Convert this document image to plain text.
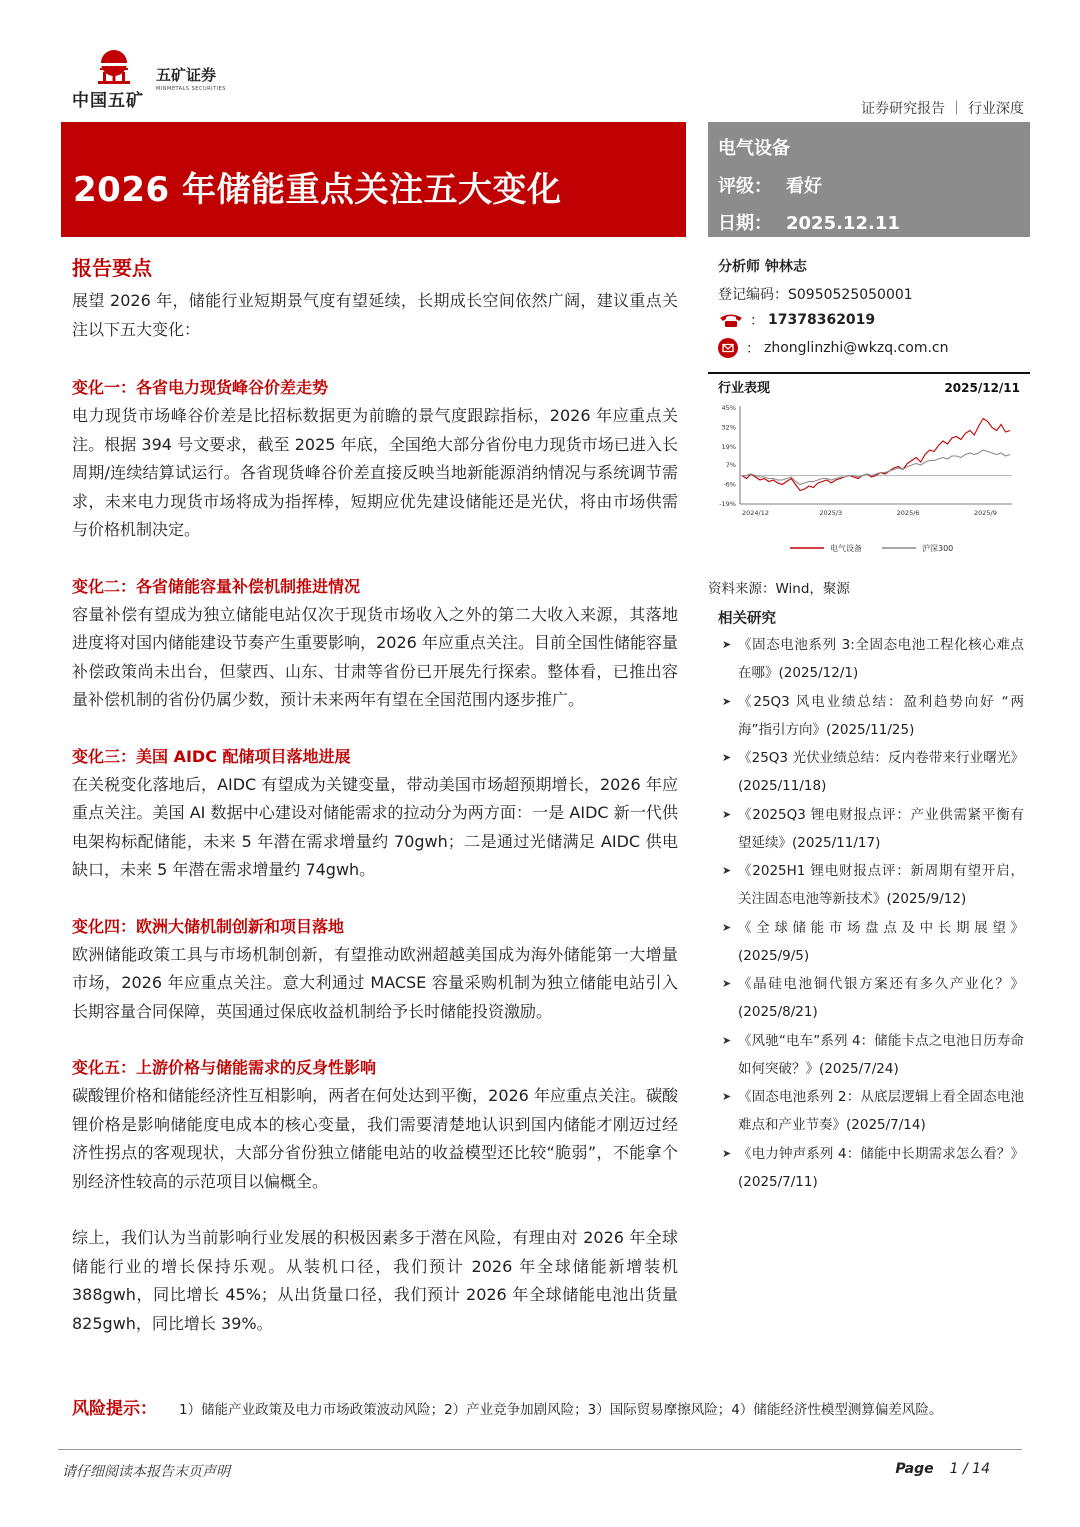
中国五矿
五矿证券
MINMETALS SECURITIES
证券研究报告 ｜ 行业深度
2026 年储能重点关注五大变化
电气设备
评级： 看好
日期： 2025.12.11
报告要点

展望 2026 年，储能行业短期景气度有望延续，长期成长空间依然广阔，建议重点关注以下五大变化：

变化一：各省电力现货峰谷价差走势

电力现货市场峰谷价差是比招标数据更为前瞻的景气度跟踪指标，2026 年应重点关注。根据 394 号文要求，截至 2025 年底，全国绝大部分省份电力现货市场已进入长周期/连续结算试运行。各省现货峰谷价差直接反映当地新能源消纳情况与系统调节需求，未来电力现货市场将成为指挥棒，短期应优先建设储能还是光伏，将由市场供需与价格机制决定。

变化二：各省储能容量补偿机制推进情况

容量补偿有望成为独立储能电站仅次于现货市场收入之外的第二大收入来源，其落地进度将对国内储能建设节奏产生重要影响，2026 年应重点关注。目前全国性储能容量补偿政策尚未出台，但蒙西、山东、甘肃等省份已开展先行探索。整体看，已推出容量补偿机制的省份仍属少数，预计未来两年有望在全国范围内逐步推广。

变化三：美国 AIDC 配储项目落地进展

在关税变化落地后，AIDC 有望成为关键变量，带动美国市场超预期增长，2026 年应重点关注。美国 AI 数据中心建设对储能需求的拉动分为两方面：一是 AIDC 新一代供电架构标配储能，未来 5 年潜在需求增量约 70gwh；二是通过光储满足 AIDC 供电缺口，未来 5 年潜在需求增量约 74gwh。

变化四：欧洲大储机制创新和项目落地

欧洲储能政策工具与市场机制创新，有望推动欧洲超越美国成为海外储能第一大增量市场，2026 年应重点关注。意大利通过 MACSE 容量采购机制为独立储能电站引入长期容量合同保障，英国通过保底收益机制给予长时储能投资激励。

变化五：上游价格与储能需求的反身性影响

碳酸锂价格和储能经济性互相影响，两者在何处达到平衡，2026 年应重点关注。碳酸锂价格是影响储能度电成本的核心变量，我们需要清楚地认识到国内储能才刚迈过经济性拐点的客观现状，大部分省份独立储能电站的收益模型还比较“脆弱”，不能拿个别经济性较高的示范项目以偏概全。

综上，我们认为当前影响行业发展的积极因素多于潜在风险，有理由对 2026 年全球储能行业的增长保持乐观。从装机口径，我们预计 2026 年全球储能新增装机 388gwh，同比增长 45%；从出货量口径，我们预计 2026 年全球储能电池出货量 825gwh，同比增长 39%。

风险提示： 1）储能产业政策及电力市场政策波动风险；2）产业竞争加剧风险；3）国际贸易摩擦风险；4）储能经济性模型测算偏差风险。
分析师 钟林志
登记编码：S0950525050001
： 17378362019
： zhonglinzhi@wkzq.com.cn
行业表现	2025/12/11
45%
32%
19%
7%
-6%
-19%
2024/12	2025/3	2025/6	2025/9
电气设备	沪深300
资料来源：Wind，聚源
相关研究
➤ 《固态电池系列 3:全固态电池工程化核心难点在哪》(2025/12/1)
➤ 《25Q3 风电业绩总结：盈利趋势向好 “两海”指引方向》(2025/11/25)
➤ 《25Q3 光伏业绩总结：反内卷带来行业曙光》(2025/11/18)
➤ 《2025Q3 锂电财报点评：产业供需紧平衡有望延续》(2025/11/17)
➤ 《2025H1 锂电财报点评：新周期有望开启，关注固态电池等新技术》(2025/9/12)
➤ 《全球储能市场盘点及中长期展望》(2025/9/5)
➤ 《晶硅电池铜代银方案还有多久产业化？》(2025/8/21)
➤ 《风驰“电车”系列 4：储能卡点之电池日历寿命如何突破？》(2025/7/24)
➤ 《固态电池系列 2：从底层逻辑上看全固态电池难点和产业节奏》(2025/7/14)
➤ 《电力钟声系列 4：储能中长期需求怎么看？》(2025/7/11)
请仔细阅读本报告末页声明	Page 1 / 14
